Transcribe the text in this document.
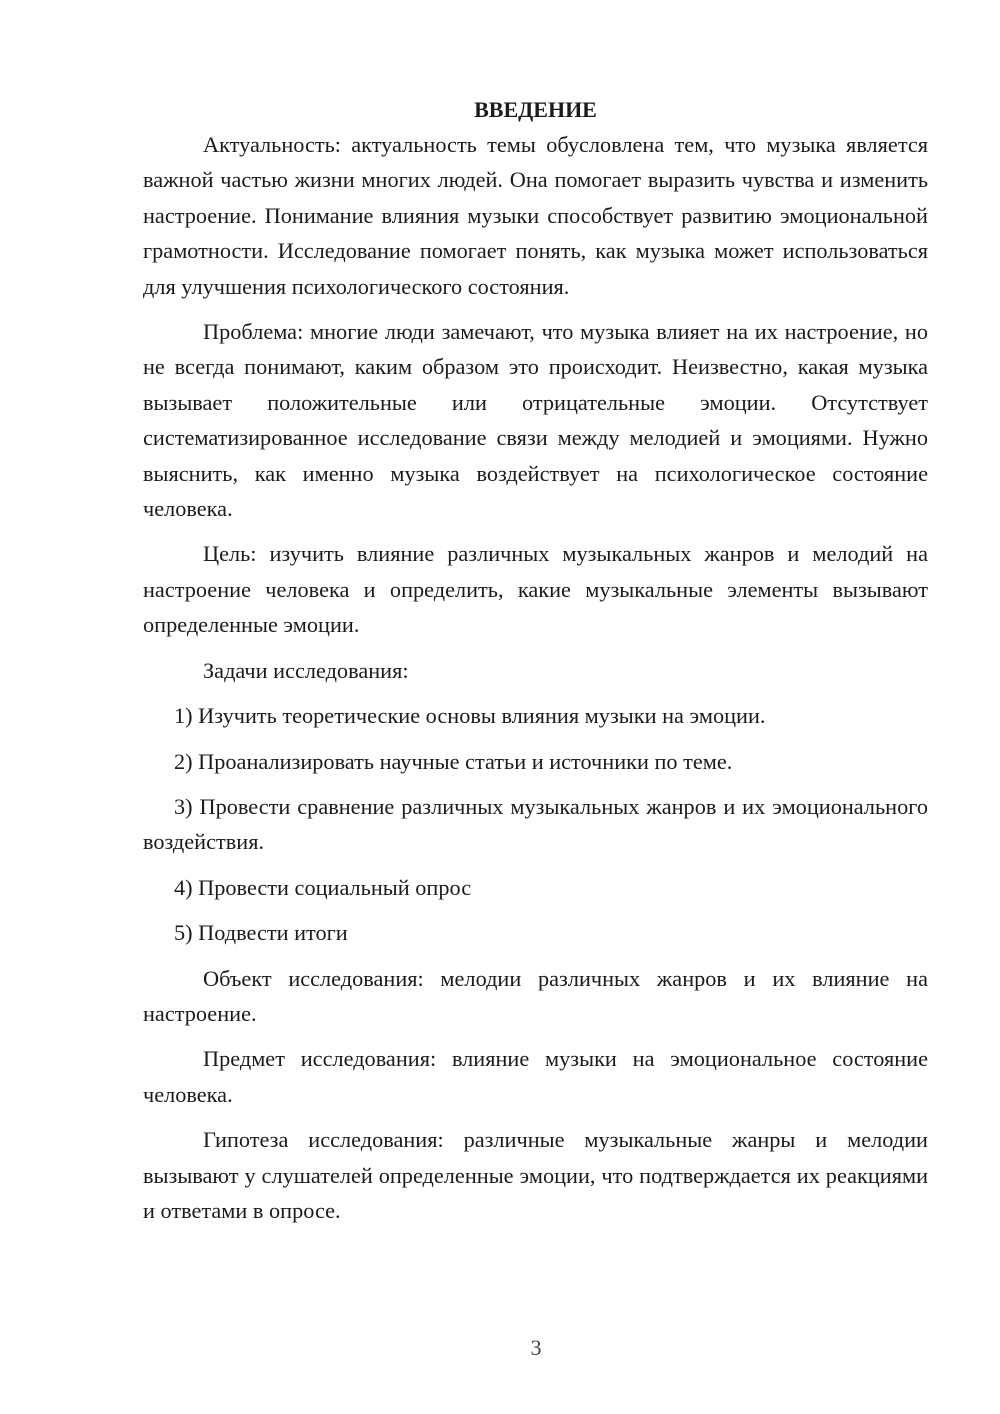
ВВЕДЕНИЕ

Актуальность: актуальность темы обусловлена тем, что музыка является важной частью жизни многих людей. Она помогает выразить чувства и изменить настроение. Понимание влияния музыки способствует развитию эмоциональной грамотности. Исследование помогает понять, как музыка может использоваться для улучшения психологического состояния.

Проблема: многие люди замечают, что музыка влияет на их настроение, но не всегда понимают, каким образом это происходит. Неизвестно, какая музыка вызывает положительные или отрицательные эмоции. Отсутствует систематизированное исследование связи между мелодией и эмоциями. Нужно выяснить, как именно музыка воздействует на психологическое состояние человека.

Цель: изучить влияние различных музыкальных жанров и мелодий на настроение человека и определить, какие музыкальные элементы вызывают определенные эмоции.

Задачи исследования:

1) Изучить теоретические основы влияния музыки на эмоции.

2) Проанализировать научные статьи и источники по теме.

3) Провести сравнение различных музыкальных жанров и их эмоционального воздействия.

4) Провести социальный опрос

5) Подвести итоги

Объект исследования: мелодии различных жанров и их влияние на настроение.

Предмет исследования: влияние музыки на эмоциональное состояние человека.

Гипотеза исследования: различные музыкальные жанры и мелодии вызывают у слушателей определенные эмоции, что подтверждается их реакциями и ответами в опросе.

3
